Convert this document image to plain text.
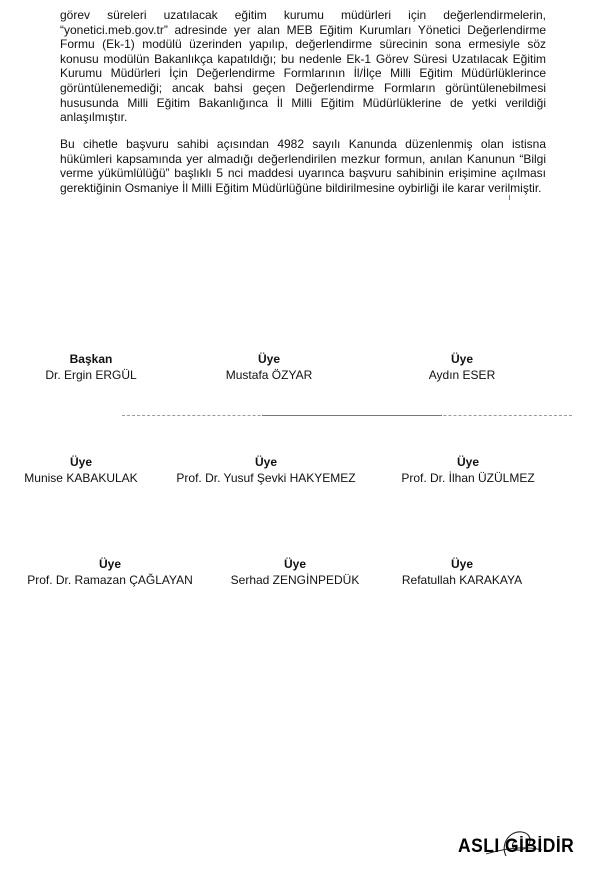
görev süreleri uzatılacak eğitim kurumu müdürleri için değerlendirmelerin, “yonetici.meb.gov.tr” adresinde yer alan MEB Eğitim Kurumları Yönetici Değerlendirme Formu (Ek-1) modülü üzerinden yapılıp, değerlendirme sürecinin sona ermesiyle söz konusu modülün Bakanlıkça kapatıldığı; bu nedenle Ek-1 Görev Süresi Uzatılacak Eğitim Kurumu Müdürleri İçin Değerlendirme Formlarının İl/İlçe Milli Eğitim Müdürlüklerince görüntülenemediği; ancak bahsi geçen Değerlendirme Formların görüntülenebilmesi hususunda Milli Eğitim Bakanlığınca İl Milli Eğitim Müdürlüklerine de yetki verildiği anlaşılmıştır.

Bu cihetle başvuru sahibi açısından 4982 sayılı Kanunda düzenlenmiş olan istisna hükümleri kapsamında yer almadığı değerlendirilen mezkur formun, anılan Kanunun “Bilgi verme yükümlülüğü” başlıklı 5 nci maddesi uyarınca başvuru sahibinin erişimine açılması gerektiğinin Osmaniye İl Milli Eğitim Müdürlüğüne bildirilmesine oybirliği ile karar verilmiştir.

Başkan
Dr. Ergin ERGÜL
Üye
Mustafa ÖZYAR
Üye
Aydın ESER
Üye
Munise KABAKULAK
Üye
Prof. Dr. Yusuf Şevki HAKYEMEZ
Üye
Prof. Dr. İlhan ÜZÜLMEZ
Üye
Prof. Dr. Ramazan ÇAĞLAYAN
Üye
Serhad ZENGİNPEDÜK
Üye
Refatullah KARAKAYA
ASLI GİBİDİR
